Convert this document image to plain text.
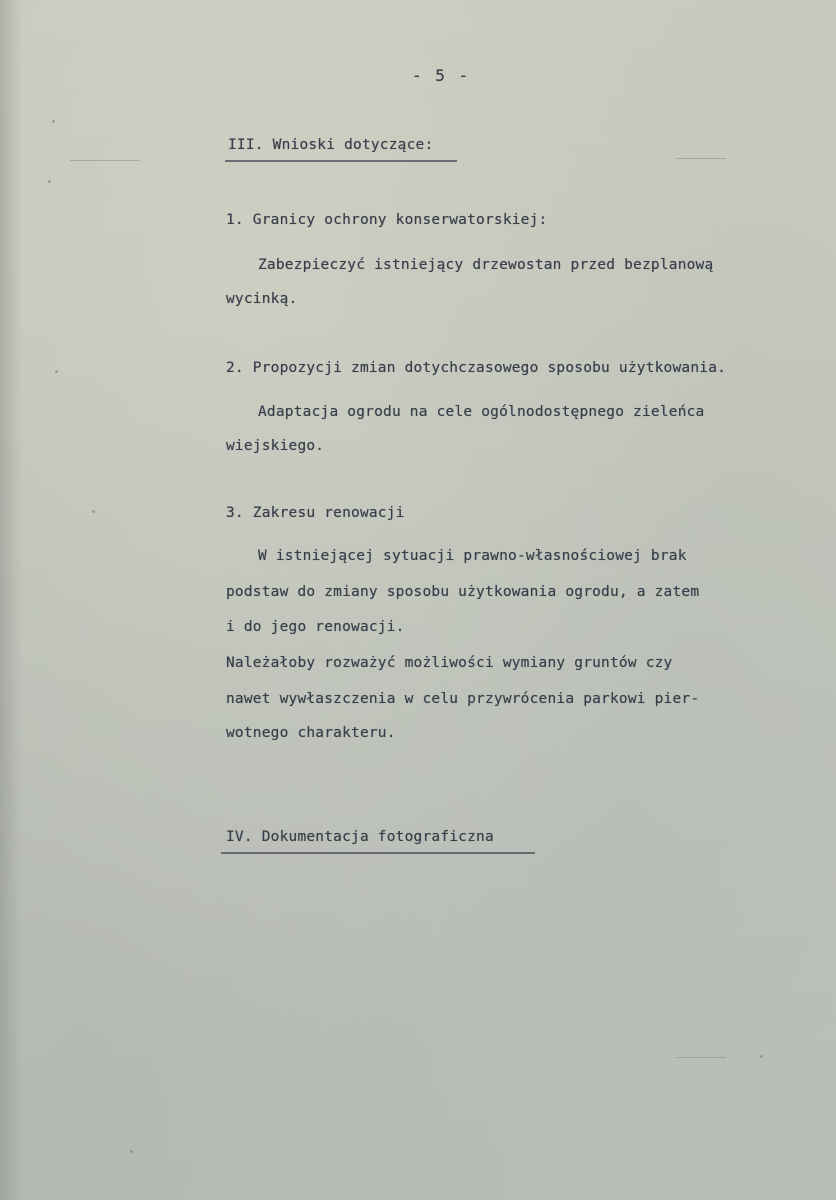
- 5 -
III. Wnioski dotyczące:
1. Granicy ochrony konserwatorskiej:
Zabezpieczyć istniejący drzewostan przed bezplanową
wycinką.
2. Propozycji zmian dotychczasowego sposobu użytkowania.
Adaptacja ogrodu na cele ogólnodostępnego zieleńca
wiejskiego.
3. Zakresu renowacji
W istniejącej sytuacji prawno-własnościowej brak
podstaw do zmiany sposobu użytkowania ogrodu, a zatem
i do jego renowacji.
Należałoby rozważyć możliwości wymiany gruntów czy
nawet wywłaszczenia w celu przywrócenia parkowi pier-
wotnego charakteru.
IV. Dokumentacja fotograficzna
